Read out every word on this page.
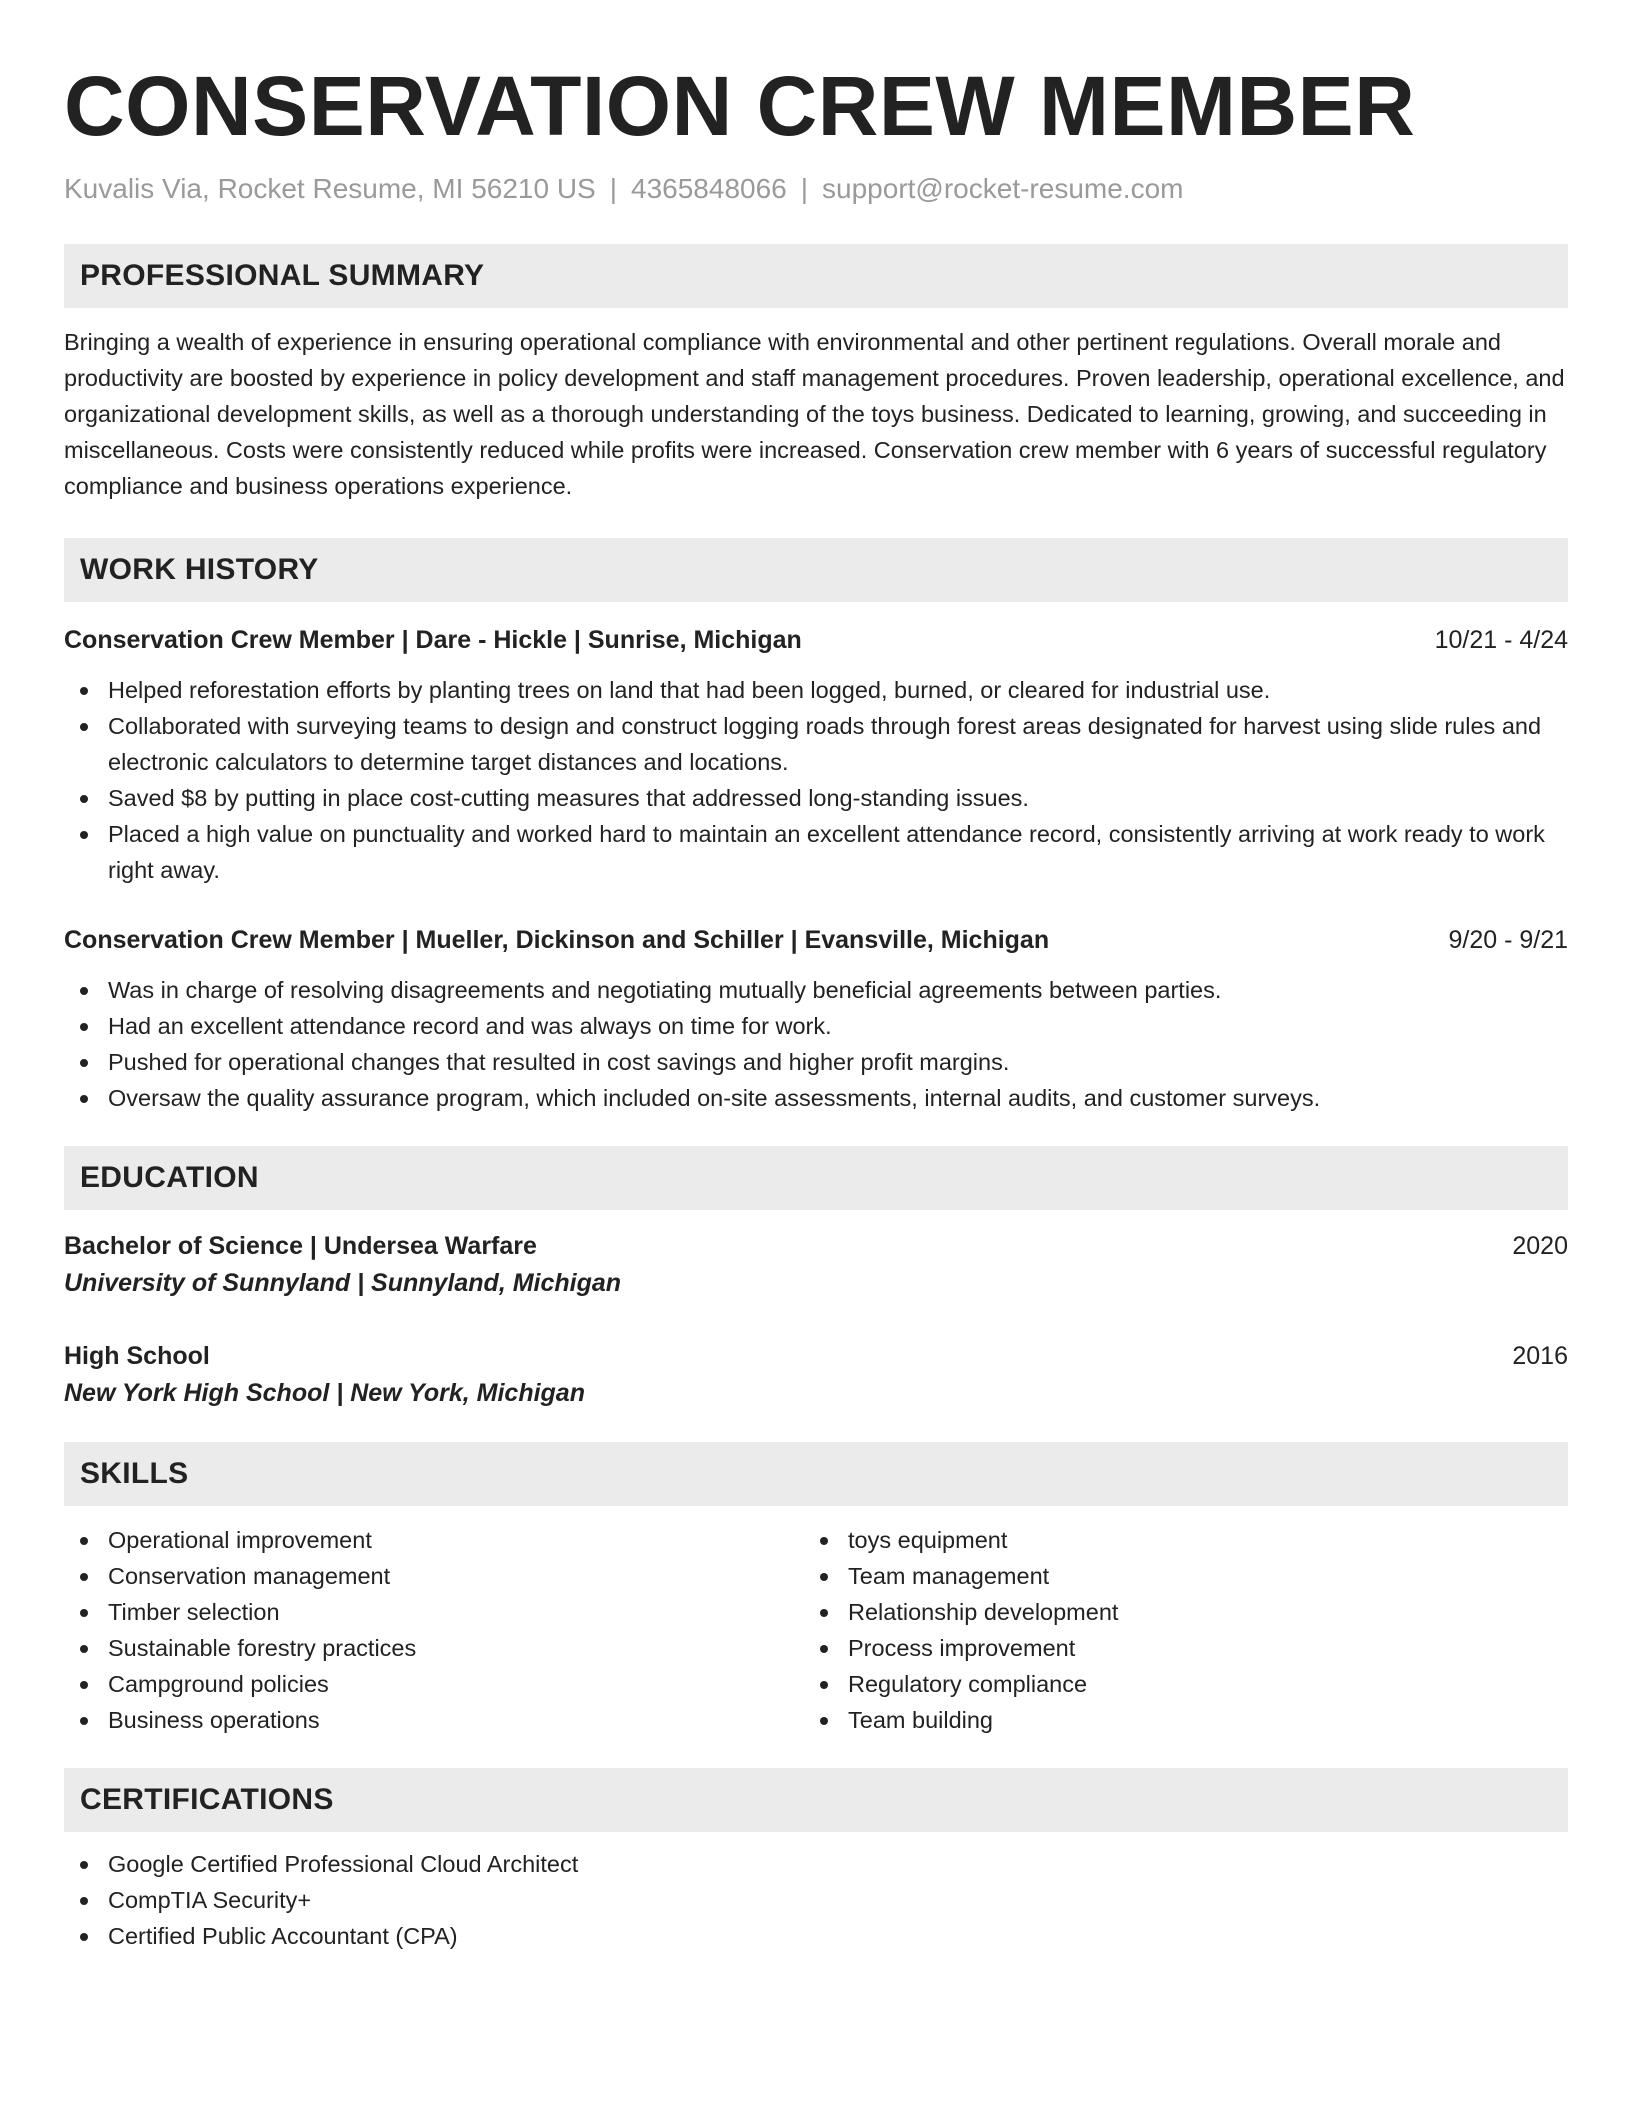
CONSERVATION CREW MEMBER
Kuvalis Via, Rocket Resume, MI 56210 US | 4365848066 | support@rocket-resume.com
PROFESSIONAL SUMMARY

Bringing a wealth of experience in ensuring operational compliance with environmental and other pertinent regulations. Overall morale and productivity are boosted by experience in policy development and staff management procedures. Proven leadership, operational excellence, and organizational development skills, as well as a thorough understanding of the toys business. Dedicated to learning, growing, and succeeding in miscellaneous. Costs were consistently reduced while profits were increased. Conservation crew member with 6 years of successful regulatory compliance and business operations experience.

WORK HISTORY
Conservation Crew Member | Dare - Hickle | Sunrise, Michigan	10/21 - 4/24
Helped reforestation efforts by planting trees on land that had been logged, burned, or cleared for industrial use.
Collaborated with surveying teams to design and construct logging roads through forest areas designated for harvest using slide rules and electronic calculators to determine target distances and locations.
Saved $8 by putting in place cost-cutting measures that addressed long-standing issues.
Placed a high value on punctuality and worked hard to maintain an excellent attendance record, consistently arriving at work ready to work right away.
Conservation Crew Member | Mueller, Dickinson and Schiller | Evansville, Michigan	9/20 - 9/21
Was in charge of resolving disagreements and negotiating mutually beneficial agreements between parties.
Had an excellent attendance record and was always on time for work.
Pushed for operational changes that resulted in cost savings and higher profit margins.
Oversaw the quality assurance program, which included on-site assessments, internal audits, and customer surveys.
EDUCATION
Bachelor of Science | Undersea Warfare	2020
University of Sunnyland | Sunnyland, Michigan
High School	2016
New York High School | New York, Michigan
SKILLS
Operational improvement
Conservation management
Timber selection
Sustainable forestry practices
Campground policies
Business operations
toys equipment
Team management
Relationship development
Process improvement
Regulatory compliance
Team building
CERTIFICATIONS
Google Certified Professional Cloud Architect
CompTIA Security+
Certified Public Accountant (CPA)
